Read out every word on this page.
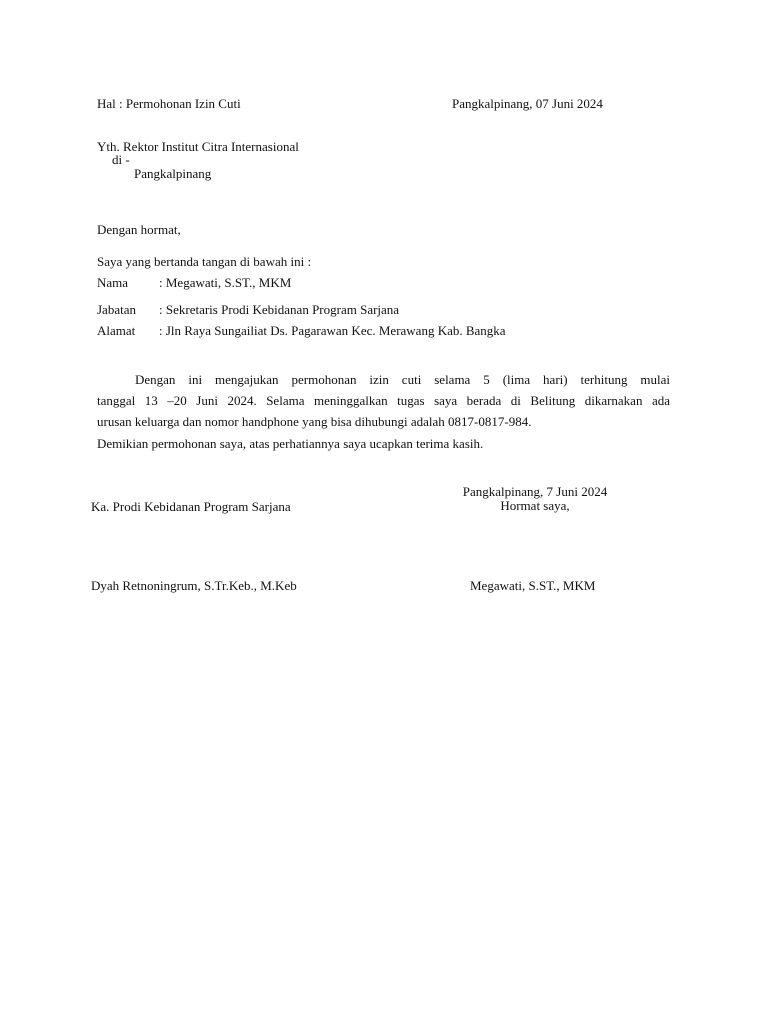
Hal : Permohonan Izin Cuti	Pangkalpinang, 07 Juni 2024
Yth. Rektor Institut Citra Internasional
di -
Pangkalpinang
Dengan hormat,
Saya yang bertanda tangan di bawah ini :
Nama : Megawati, S.ST., MKM
Jabatan : Sekretaris Prodi Kebidanan Program Sarjana
Alamat : Jln Raya Sungailiat Ds. Pagarawan Kec. Merawang Kab. Bangka
Dengan ini mengajukan permohonan izin cuti selama 5 (lima hari) terhitung mulai
tanggal 13 –20 Juni 2024. Selama meninggalkan tugas saya berada di Belitung dikarnakan ada
urusan keluarga dan nomor handphone yang bisa dihubungi adalah 0817-0817-984.
Demikian permohonan saya, atas perhatiannya saya ucapkan terima kasih.
Pangkalpinang, 7 Juni 2024
Ka. Prodi Kebidanan Program Sarjana	Hormat saya,
Dyah Retnoningrum, S.Tr.Keb., M.Keb	Megawati, S.ST., MKM
